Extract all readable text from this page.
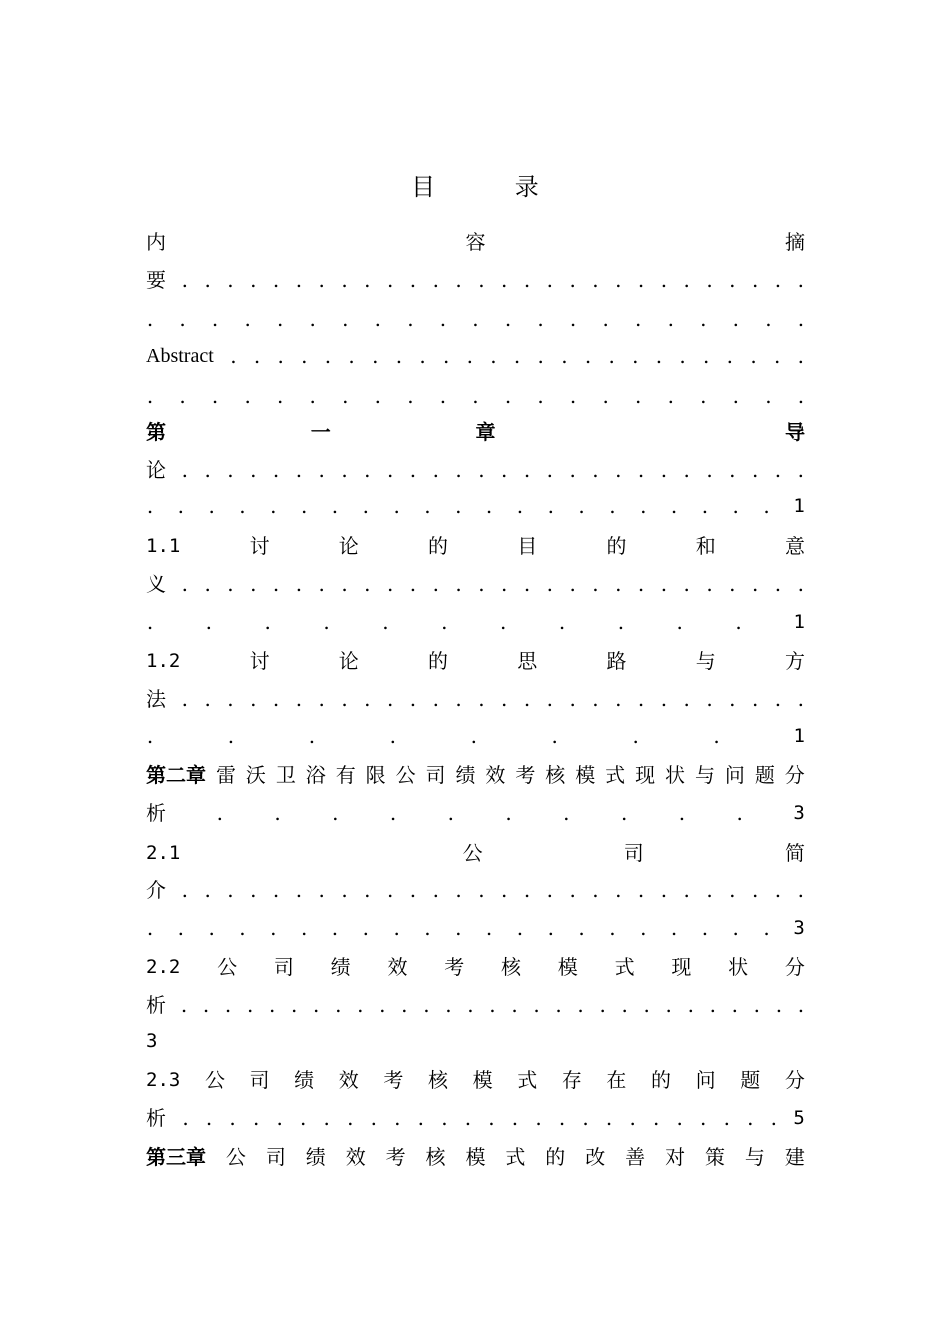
目 录
内	容	摘
要 . . . . . . . . . . . . . . . . . . . . . . . . . . . .
. . . . . . . . . . . . . . . . . . . . .
Abstract . . . . . . . . . . . . . . . . . . . . . . . . .
. . . . . . . . . . . . . . . . . . . . .
第	一	章	导
论 . . . . . . . . . . . . . . . . . . . . . . . . . . . .
. . . . . . . . . . . . . . . . . . . . . 1
1.1	讨	论	的	目	的	和	意
义 . . . . . . . . . . . . . . . . . . . . . . . . . . . .
.	.	.	.	.	.	.	.	.	.	.	1
1.2	讨	论	的	思	路	与	方
法 . . . . . . . . . . . . . . . . . . . . . . . . . . . .
.	.	.	.	.	.	.	.	1
第二章 雷 沃 卫 浴 有 限 公 司 绩 效 考 核 模 式 现 状 与 问 题 分
析	.	.	.	.	.	.	.	.	.	.	3
2.1	公	司	简
介 . . . . . . . . . . . . . . . . . . . . . . . . . . . .
. . . . . . . . . . . . . . . . . . . . . 3
2.2 公 司 绩 效 考 核 模 式 现 状 分
析 . . . . . . . . . . . . . . . . . . . . . . . . . . . . .
3
2.3 公 司 绩 效 考 核 模 式 存 在 的 问 题 分
析 . . . . . . . . . . . . . . . . . . . . . . . . . . 5
第三章 公 司 绩 效 考 核 模 式 的 改 善 对 策 与 建
